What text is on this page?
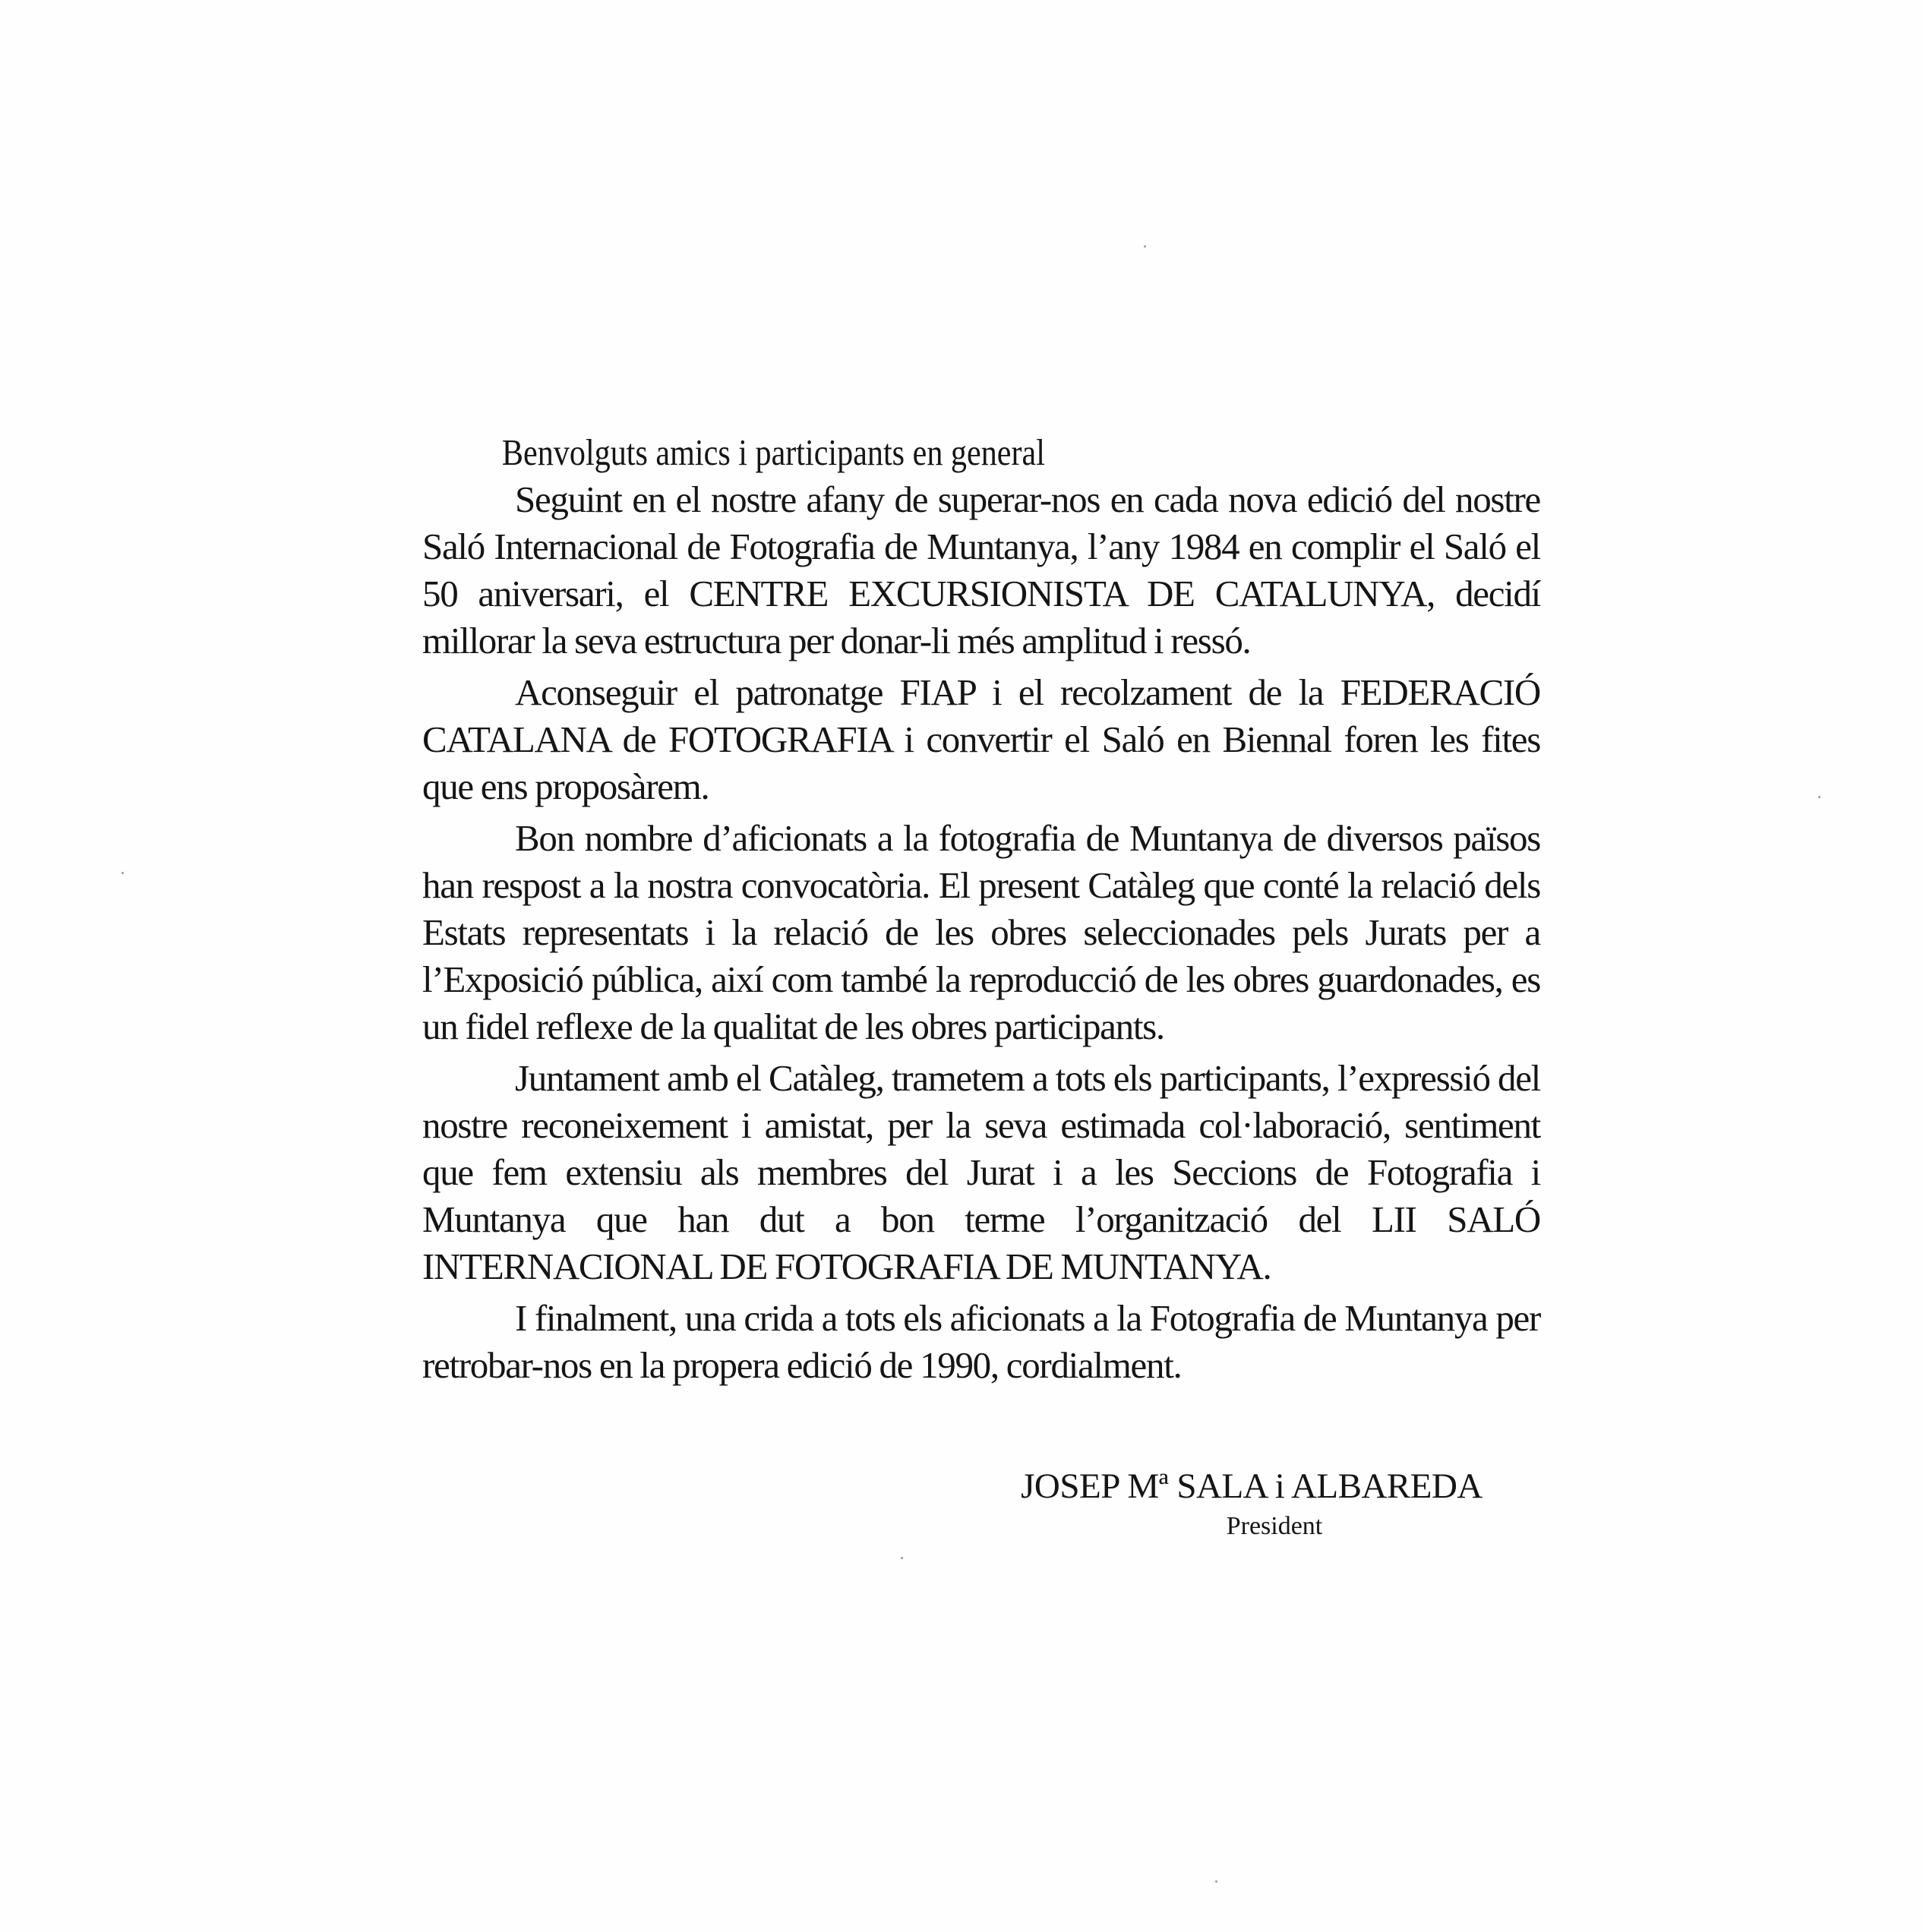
Benvolguts amics i participants en general

Seguint en el nostre afany de superar-nos en cada nova edició del nostre Saló Internacional de Fotografia de Muntanya, l’any 1984 en complir el Saló el 50 aniversari, el CENTRE EXCURSIONISTA DE CATALUNYA, decidí millorar la seva estructura per donar-li més amplitud i ressó.

Aconseguir el patronatge FIAP i el recolzament de la FEDERACIÓ CATALANA de FOTOGRAFIA i convertir el Saló en Biennal foren les fites que ens proposàrem.

Bon nombre d’aficionats a la fotografia de Muntanya de diversos països han respost a la nostra convocatòria. El present Catàleg que conté la relació dels Estats representats i la relació de les obres seleccionades pels Jurats per a l’Exposició pública, així com també la reproducció de les obres guardonades, es un fidel reflexe de la qualitat de les obres participants.

Juntament amb el Catàleg, trametem a tots els participants, l’expressió del nostre reconeixement i amistat, per la seva estimada col·laboració, sentiment que fem extensiu als membres del Jurat i a les Seccions de Fotografia i Muntanya que han dut a bon terme l’organització del LII SALÓ INTERNACIONAL DE FOTOGRAFIA DE MUNTANYA.

I finalment, una crida a tots els aficionats a la Fotografia de Muntanya per retrobar-nos en la propera edició de 1990, cordialment.

JOSEP Mª SALA i ALBAREDA
President
